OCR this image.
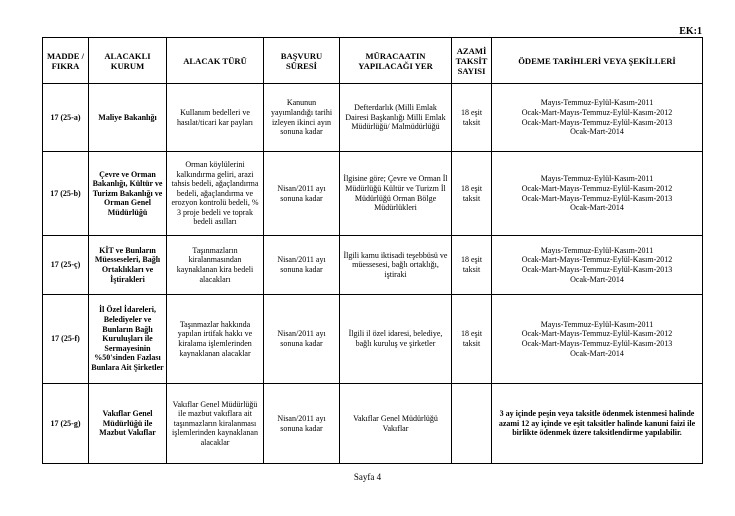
EK:1
MADDE / FIKRA	ALACAKLI KURUM	ALACAK TÜRÜ	BAŞVURU SÜRESİ	MÜRACAATIN YAPILACAĞI YER	AZAMİ TAKSİT SAYISI	ÖDEME TARİHLERİ VEYA ŞEKİLLERİ
17 (25-a)	Maliye Bakanlığı	Kullanım bedelleri ve hasılat/ticari kar payları	Kanunun yayımlandığı tarihi izleyen ikinci ayın sonuna kadar	Defterdarlık (Milli Emlak Dairesi Başkanlığı Milli Emlak Müdürlüğü/ Malmüdürlüğü	18 eşit taksit	Mayıs-Temmuz-Eylül-Kasım-2011
Ocak-Mart-Mayıs-Temmuz-Eylül-Kasım-2012
Ocak-Mart-Mayıs-Temmuz-Eylül-Kasım-2013
Ocak-Mart-2014

17 (25-b)	Çevre ve Orman Bakanlığı, Kültür ve Turizm Bakanlığı ve Orman Genel Müdürlüğü	Orman köylülerini kalkındırma geliri, arazi tahsis bedeli, ağaçlandırma bedeli, ağaçlandırma ve erozyon kontrolü bedeli, % 3 proje bedeli ve toprak bedeli asılları	Nisan/2011 ayı sonuna kadar	İlgisine göre; Çevre ve Orman İl Müdürlüğü Kültür ve Turizm İl Müdürlüğü Orman Bölge Müdürlükleri	18 eşit taksit	Mayıs-Temmuz-Eylül-Kasım-2011
Ocak-Mart-Mayıs-Temmuz-Eylül-Kasım-2012
Ocak-Mart-Mayıs-Temmuz-Eylül-Kasım-2013
Ocak-Mart-2014

17 (25-ç)	KİT ve Bunların Müesseseleri, Bağlı Ortaklıkları ve İştirakleri	Taşınmazların kiralanmasından kaynaklanan kira bedeli alacakları	Nisan/2011 ayı sonuna kadar	İlgili kamu iktisadi teşebbüsü ve müessesesi, bağlı ortaklığı, iştiraki	18 eşit taksit	Mayıs-Temmuz-Eylül-Kasım-2011
Ocak-Mart-Mayıs-Temmuz-Eylül-Kasım-2012
Ocak-Mart-Mayıs-Temmuz-Eylül-Kasım-2013
Ocak-Mart-2014

17 (25-f)	İl Özel İdareleri, Belediyeler ve Bunların Bağlı Kuruluşları ile Sermayesinin %50'sinden Fazlası Bunlara Ait Şirketler	Taşınmazlar hakkında yapılan irtifak hakkı ve kiralama işlemlerinden kaynaklanan alacaklar	Nisan/2011 ayı sonuna kadar	İlgili il özel idaresi, belediye, bağlı kuruluş ve şirketler	18 eşit taksit	Mayıs-Temmuz-Eylül-Kasım-2011
Ocak-Mart-Mayıs-Temmuz-Eylül-Kasım-2012
Ocak-Mart-Mayıs-Temmuz-Eylül-Kasım-2013
Ocak-Mart-2014

17 (25-g)	Vakıflar Genel Müdürlüğü ile Mazbut Vakıflar	Vakıflar Genel Müdürlüğü ile mazbut vakıflara ait taşınmazların kiralanması işlemlerinden kaynaklanan alacaklar	Nisan/2011 ayı sonuna kadar	Vakıflar Genel Müdürlüğü Vakıflar		3 ay içinde peşin veya taksitle ödenmek istenmesi halinde azami 12 ay içinde ve eşit taksitler halinde kanuni faizi ile birlikte ödenmek üzere taksitlendirme yapılabilir.
Sayfa 4
